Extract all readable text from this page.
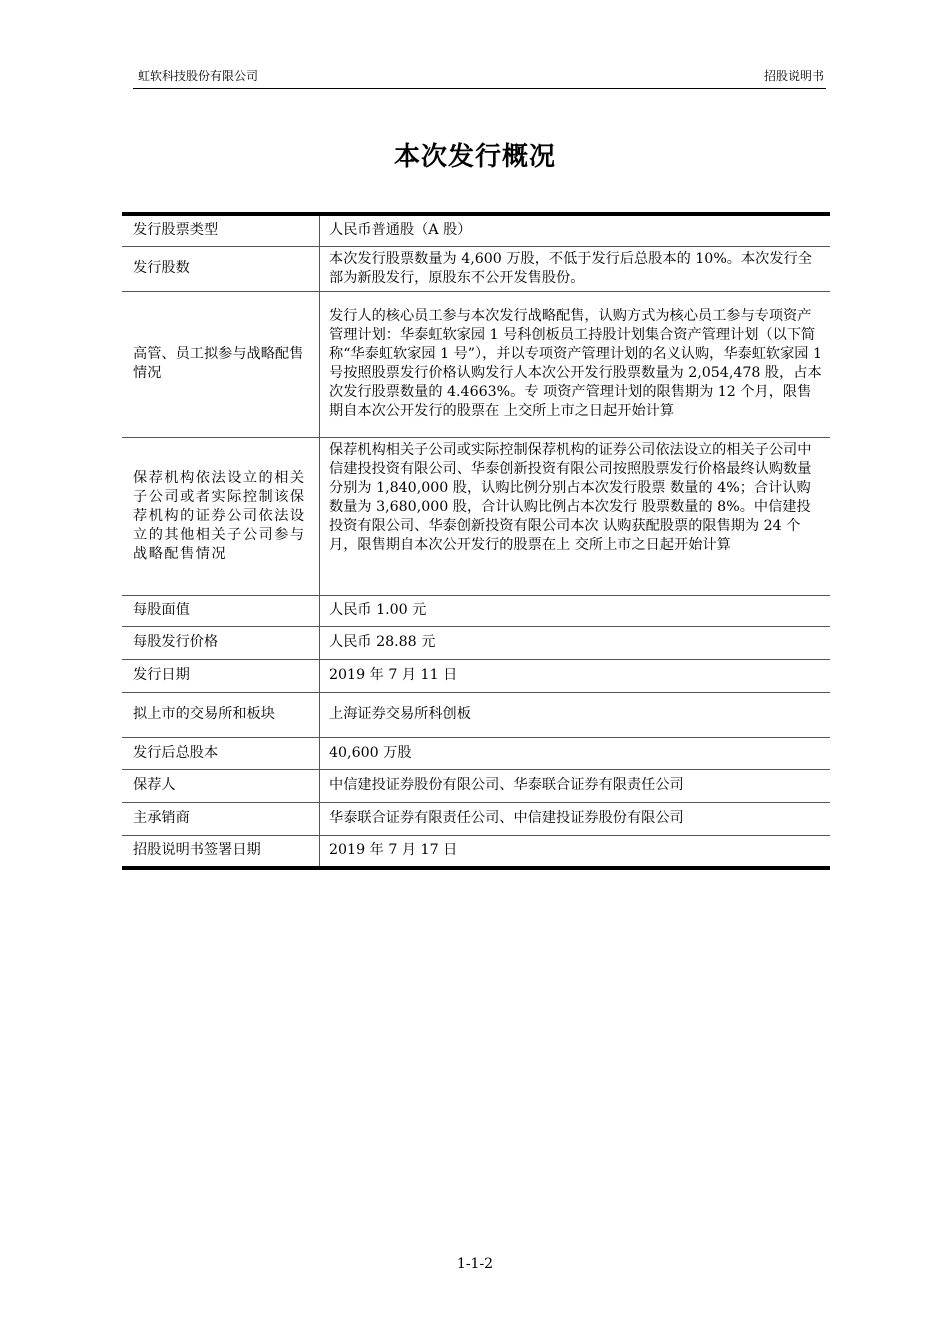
虹软科技股份有限公司	招股说明书
本次发行概况
发行股票类型	人民币普通股（A 股）
发行股数	本次发行股票数量为 4,600 万股，不低于发行后总股本的 10%。本次发行全部为新股发行，原股东不公开发售股份。
高管、员工拟参与战略配售情况	发行人的核心员工参与本次发行战略配售，认购方式为核心员工参与专项资产管理计划：华泰虹软家园 1 号科创板员工持股计划集合资产管理计划（以下简称“华泰虹软家园 1 号”），并以专项资产管理计划的名义认购，华泰虹软家园 1 号按照股票发行价格认购发行人本次公开发行股票数量为 2,054,478 股，占本次发行股票数量的 4.4663%。专 项资产管理计划的限售期为 12 个月，限售期自本次公开发行的股票在 上交所上市之日起开始计算
保荐机构依法设立的相关子公司或者实际控制该保荐机构的证券公司依法设立的其他相关子公司参与战略配售情况	保荐机构相关子公司或实际控制保荐机构的证券公司依法设立的相关子公司中信建投投资有限公司、华泰创新投资有限公司按照股票发行价格最终认购数量分别为 1,840,000 股，认购比例分别占本次发行股票 数量的 4%；合计认购数量为 3,680,000 股，合计认购比例占本次发行 股票数量的 8%。中信建投投资有限公司、华泰创新投资有限公司本次 认购获配股票的限售期为 24 个月，限售期自本次公开发行的股票在上 交所上市之日起开始计算
每股面值	人民币 1.00 元
每股发行价格	人民币 28.88 元
发行日期	2019 年 7 月 11 日
拟上市的交易所和板块	上海证券交易所科创板
发行后总股本	40,600 万股
保荐人	中信建投证券股份有限公司、华泰联合证券有限责任公司
主承销商	华泰联合证券有限责任公司、中信建投证券股份有限公司
招股说明书签署日期	2019 年 7 月 17 日
1-1-2
